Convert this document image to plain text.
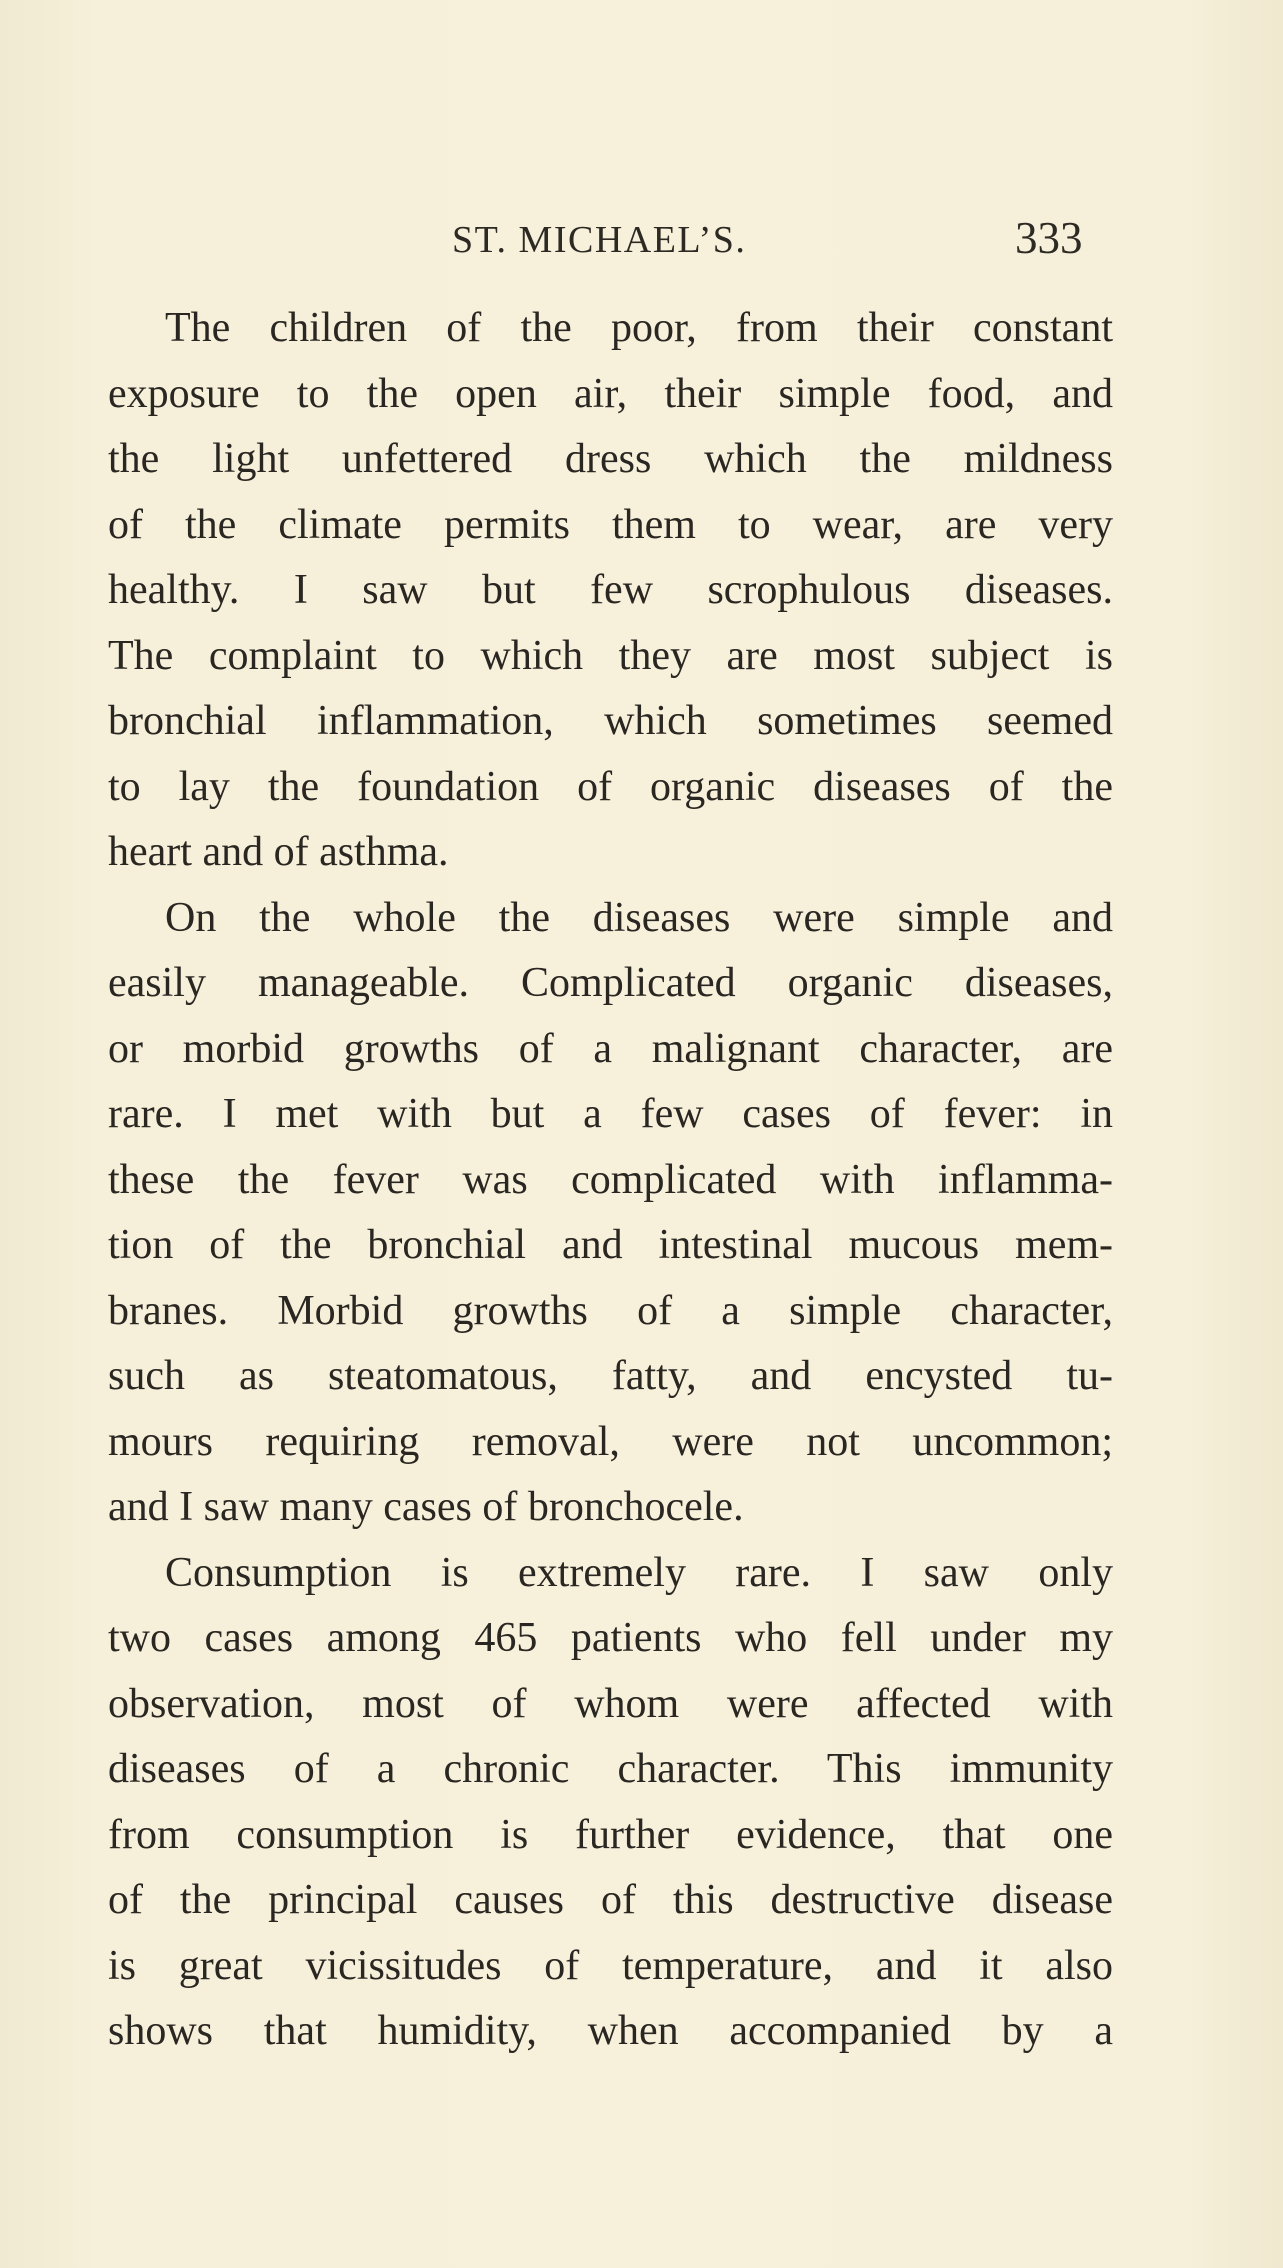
ST. MICHAEL’S.	333
The children of the poor, from their constant
exposure to the open air, their simple food, and
the light unfettered dress which the mildness
of the climate permits them to wear, are very
healthy. I saw but few scrophulous diseases.
The complaint to which they are most subject is
bronchial inflammation, which sometimes seemed
to lay the foundation of organic diseases of the
heart and of asthma.
On the whole the diseases were simple and
easily manageable. Complicated organic diseases,
or morbid growths of a malignant character, are
rare. I met with but a few cases of fever: in
these the fever was complicated with inflamma-
tion of the bronchial and intestinal mucous mem-
branes. Morbid growths of a simple character,
such as steatomatous, fatty, and encysted tu-
mours requiring removal, were not uncommon;
and I saw many cases of bronchocele.
Consumption is extremely rare. I saw only
two cases among 465 patients who fell under my
observation, most of whom were affected with
diseases of a chronic character. This immunity
from consumption is further evidence, that one
of the principal causes of this destructive disease
is great vicissitudes of temperature, and it also
shows that humidity, when accompanied by a
